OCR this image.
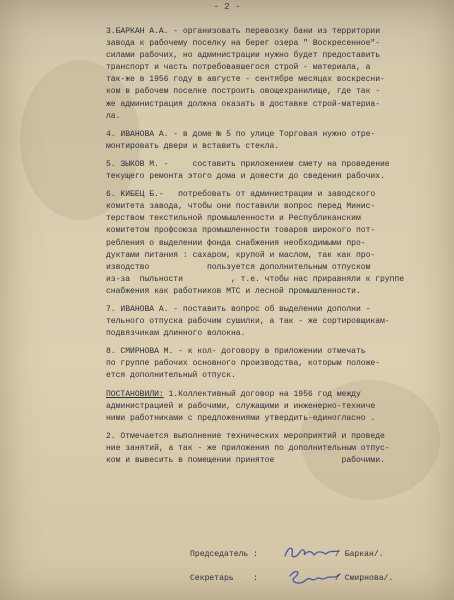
- 2 -
3.БАРКАН А.А. - организовать перевозку бани из территории
завода к рабочему поселку на берег озера " Воскресенное"-
силами рабочих, но администрации нужно будет предоставить
транспорт и часть потребовавшегося строй - материала, а
так-же в 1956 году в августе - сентябре месяцах воскресни-
ком в рабочем поселке построить овощехранилище, где так -
же администрация должна оказать в доставке строй-материа-
ла.
4. ИВАНОВА А. - в доме № 5 по улице Торговая нужно отре-
монтировать двери и вставить стекла.
5. ЗЫКОВ М. -     составить приложением смету на проведение
текущего ремонта этого дома и довести до сведения рабочих.
6. КИБЕЦ Б.-   потребовать от администрации и заводского
комитета завода, чтобы они поставили вопрос перед Минис-
терством текстильной промышленности и Республиканским
комитетом профсоюза промышленности товаров широкого пот-
ребления о выделении фонда снабжения необходимыми про-
дуктами питания : сахаром, крупой и маслом, так как про-
изводство            пользуется дополнительным отпуском
из-за  пыльности          , т.е. чтобы нас приравняли к группе
снабжения как работников МТС и лесной промышленности.
7. ИВАНОВА А. - поставить вопрос об выделении дополни -
тельного отпуска рабочим сушилки, а так - же сортировщикам-
подвязчикам длинного волокна.
8. СМИРНОВА М. - к кол- договору в приложении отмечать
по группе рабочих основного производства, которым положе-
ется дополнительный отпуск.
ПОСТАНОВИЛИ: 1.Коллективный договор на 1956 год между
администрацией и рабочими, служащими и инженерно-техниче
ними работниками с предложениями утвердить-единогласно .
2. Отмечается выполнение технических мероприятий и проведе
ние занятий, а так - же приложения по дополнительным отпус-
ком и вывесить в помещении принятое              рабочими.

Председатель :

	/ Баркан/.

Секретарь    :

	/ Смирнова/.
